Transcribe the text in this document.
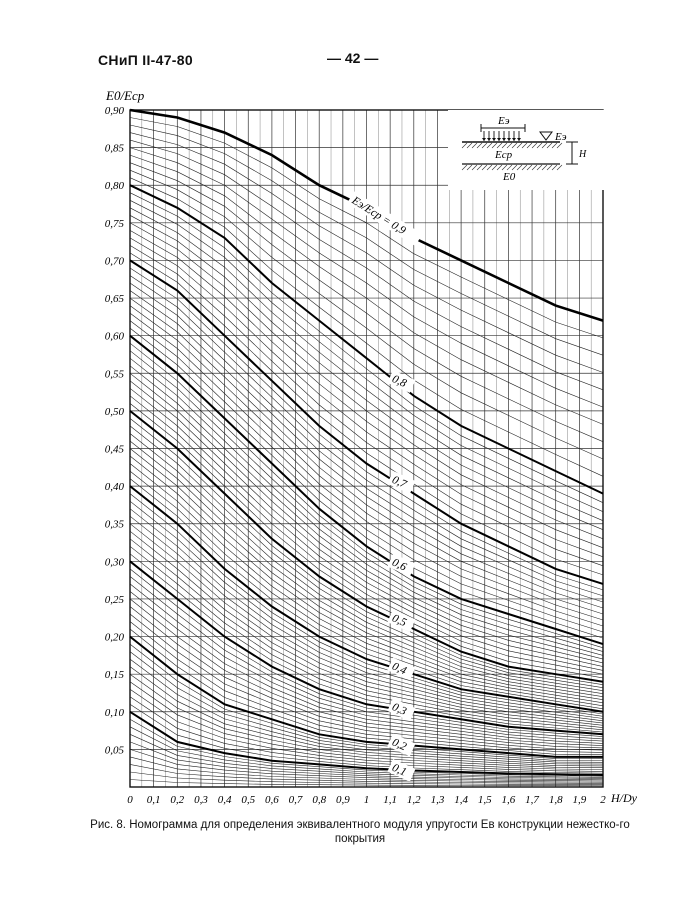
СНиП II-47-80	— 42 —
0,05
0,10
0,15
0,20
0,25
0,30
0,35
0,40
0,45
0,50
0,55
0,60
0,65
0,70
0,75
0,80
0,85
0,90
0 0,1 0,2 0,3 0,4 0,5 0,6 0,7 0,8 0,9 1 1,1 1,2 1,3 1,4 1,5 1,6 1,7 1,8 1,9 2
Eэ/Eср = 0,9
0,8
0,7
0,6
0,5
0,4
0,3
0,2
0,1
E0/Eср
H/Dу
Eэ
Eэ
Eср
E0
H
Рис. 8. Номограмма для определения эквивалентного модуля упругости Eв конструкции нежестко-го покрытия
